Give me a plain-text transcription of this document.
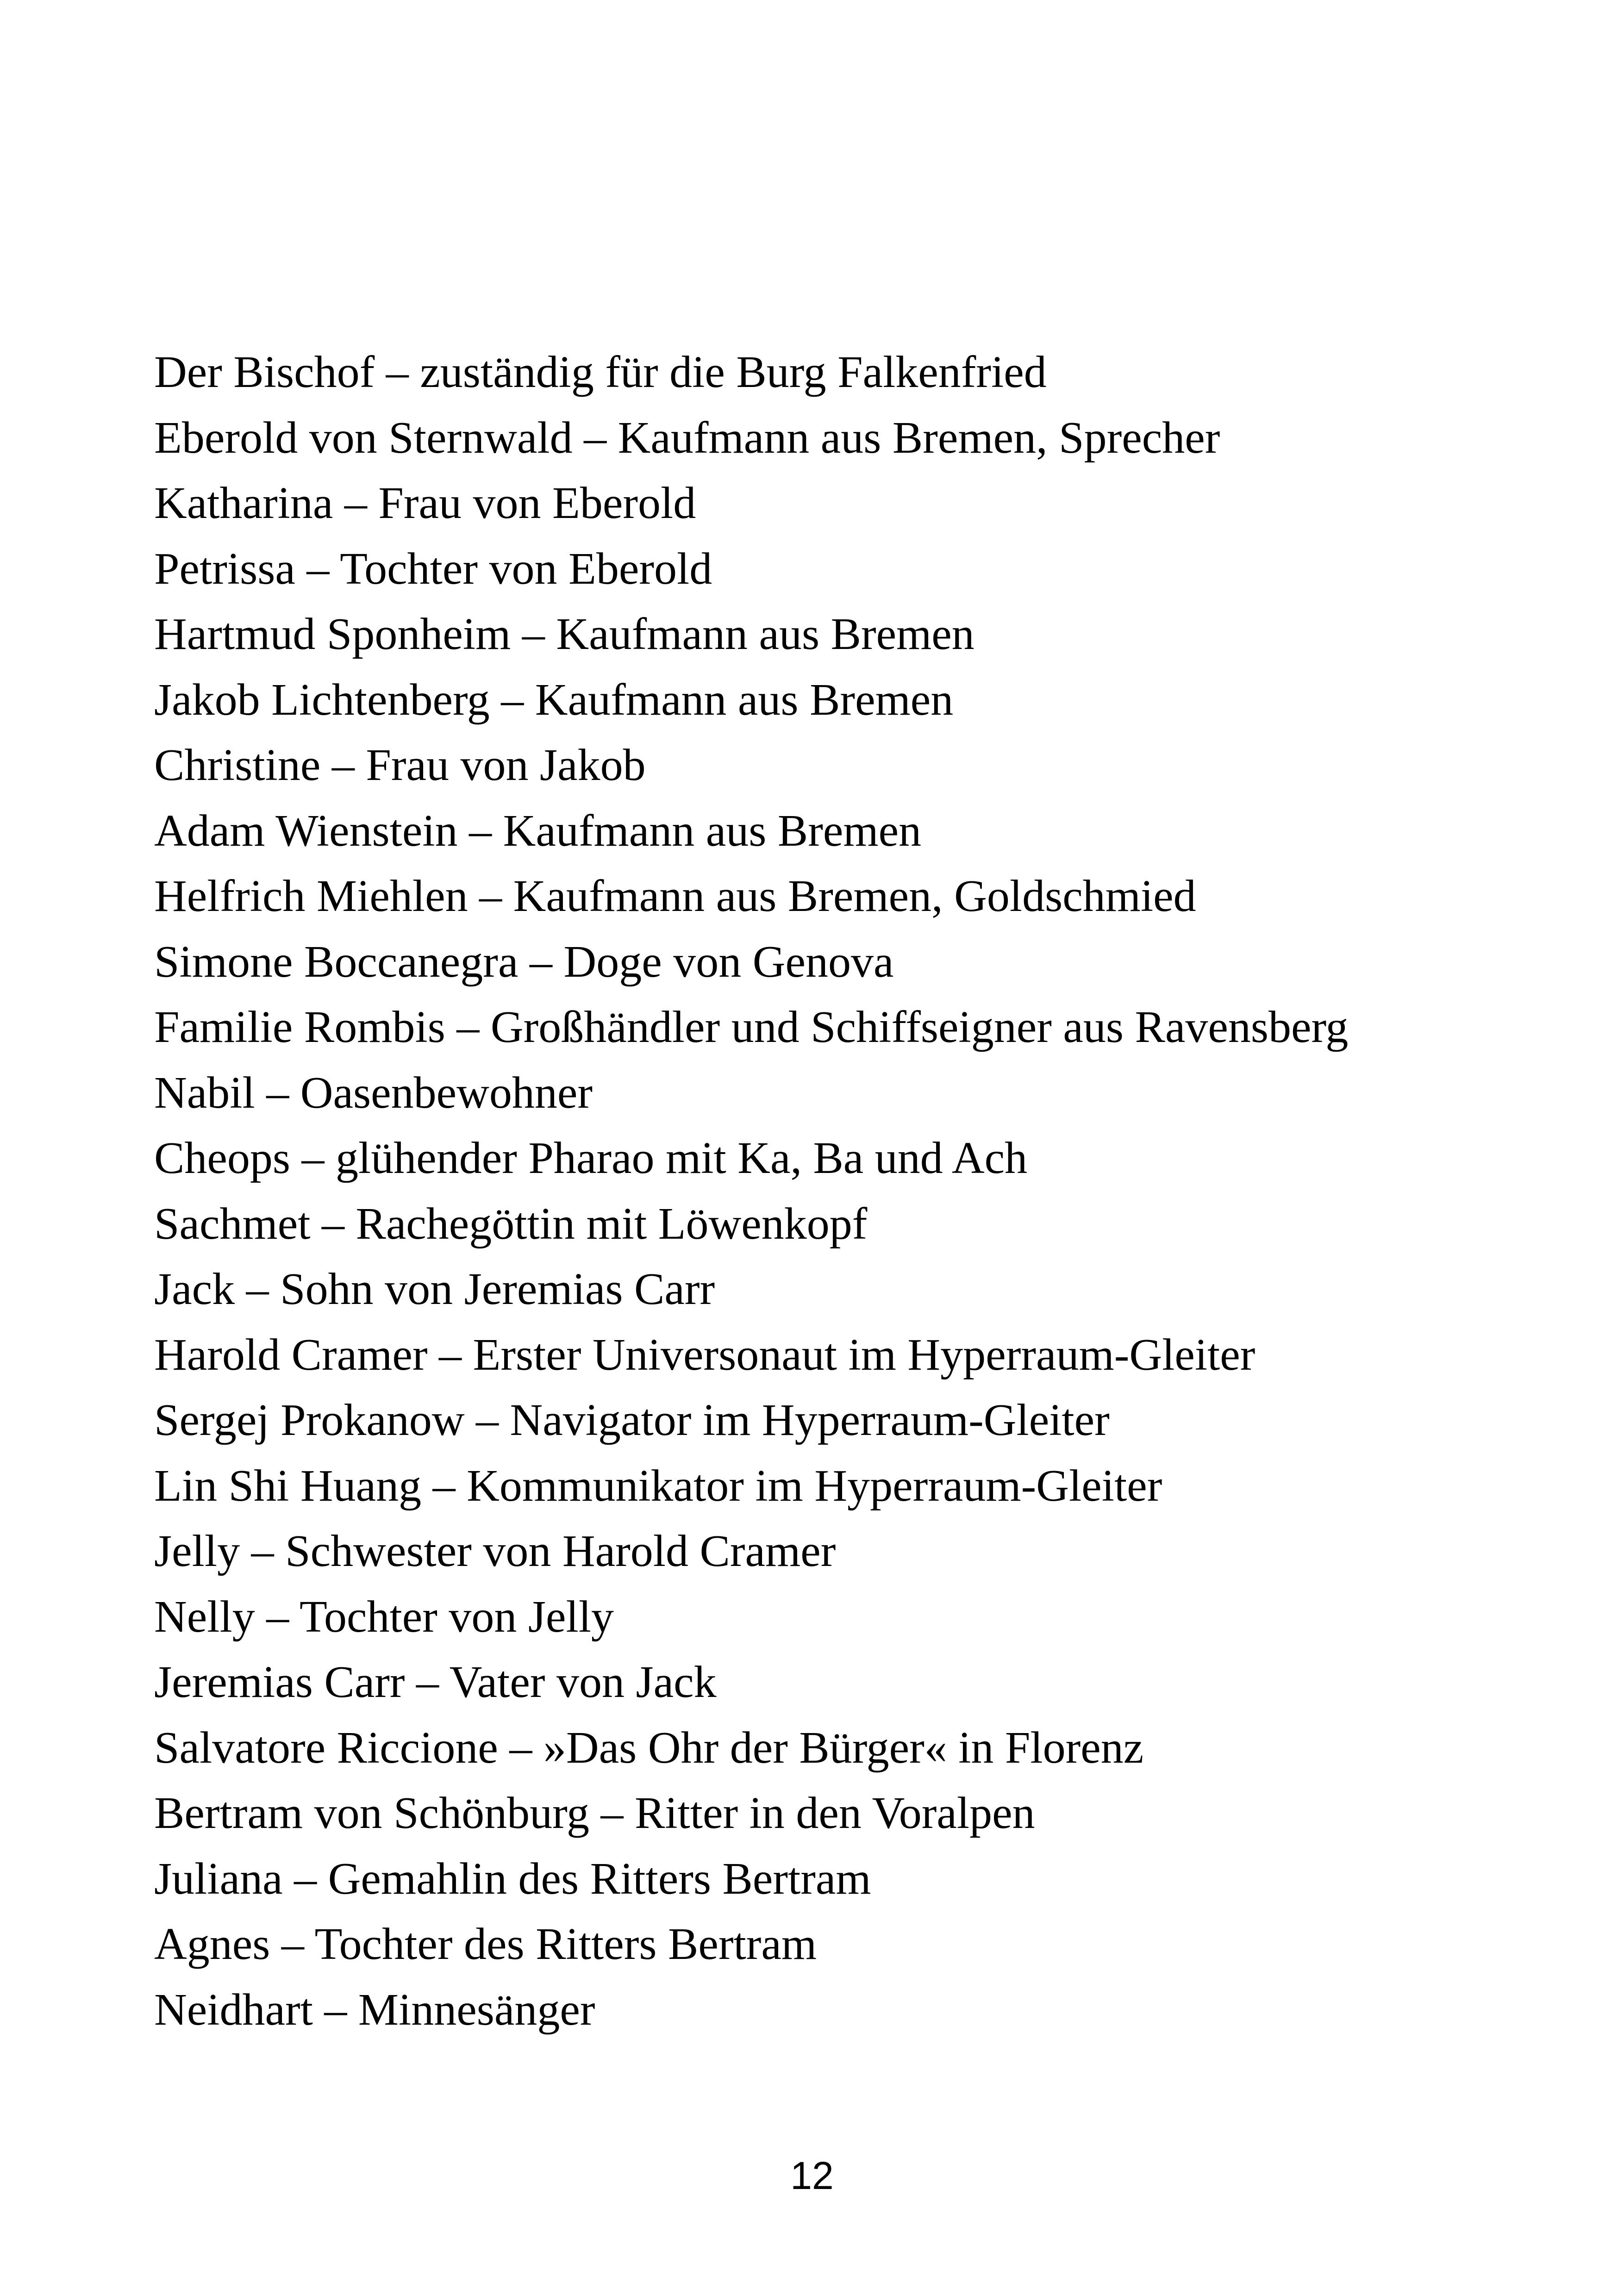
Der Bischof – zuständig für die Burg Falkenfried
Eberold von Sternwald – Kaufmann aus Bremen, Sprecher
Katharina – Frau von Eberold
Petrissa – Tochter von Eberold
Hartmud Sponheim – Kaufmann aus Bremen
Jakob Lichtenberg – Kaufmann aus Bremen
Christine – Frau von Jakob
Adam Wienstein – Kaufmann aus Bremen
Helfrich Miehlen – Kaufmann aus Bremen, Goldschmied
Simone Boccanegra – Doge von Genova
Familie Rombis – Großhändler und Schiffseigner aus Ravensberg
Nabil – Oasenbewohner
Cheops – glühender Pharao mit Ka, Ba und Ach
Sachmet – Rachegöttin mit Löwenkopf
Jack – Sohn von Jeremias Carr
Harold Cramer – Erster Universonaut im Hyperraum-Gleiter
Sergej Prokanow – Navigator im Hyperraum-Gleiter
Lin Shi Huang – Kommunikator im Hyperraum-Gleiter
Jelly – Schwester von Harold Cramer
Nelly – Tochter von Jelly
Jeremias Carr – Vater von Jack
Salvatore Riccione – »Das Ohr der Bürger« in Florenz
Bertram von Schönburg – Ritter in den Voralpen
Juliana – Gemahlin des Ritters Bertram
Agnes – Tochter des Ritters Bertram
Neidhart – Minnesänger
12
